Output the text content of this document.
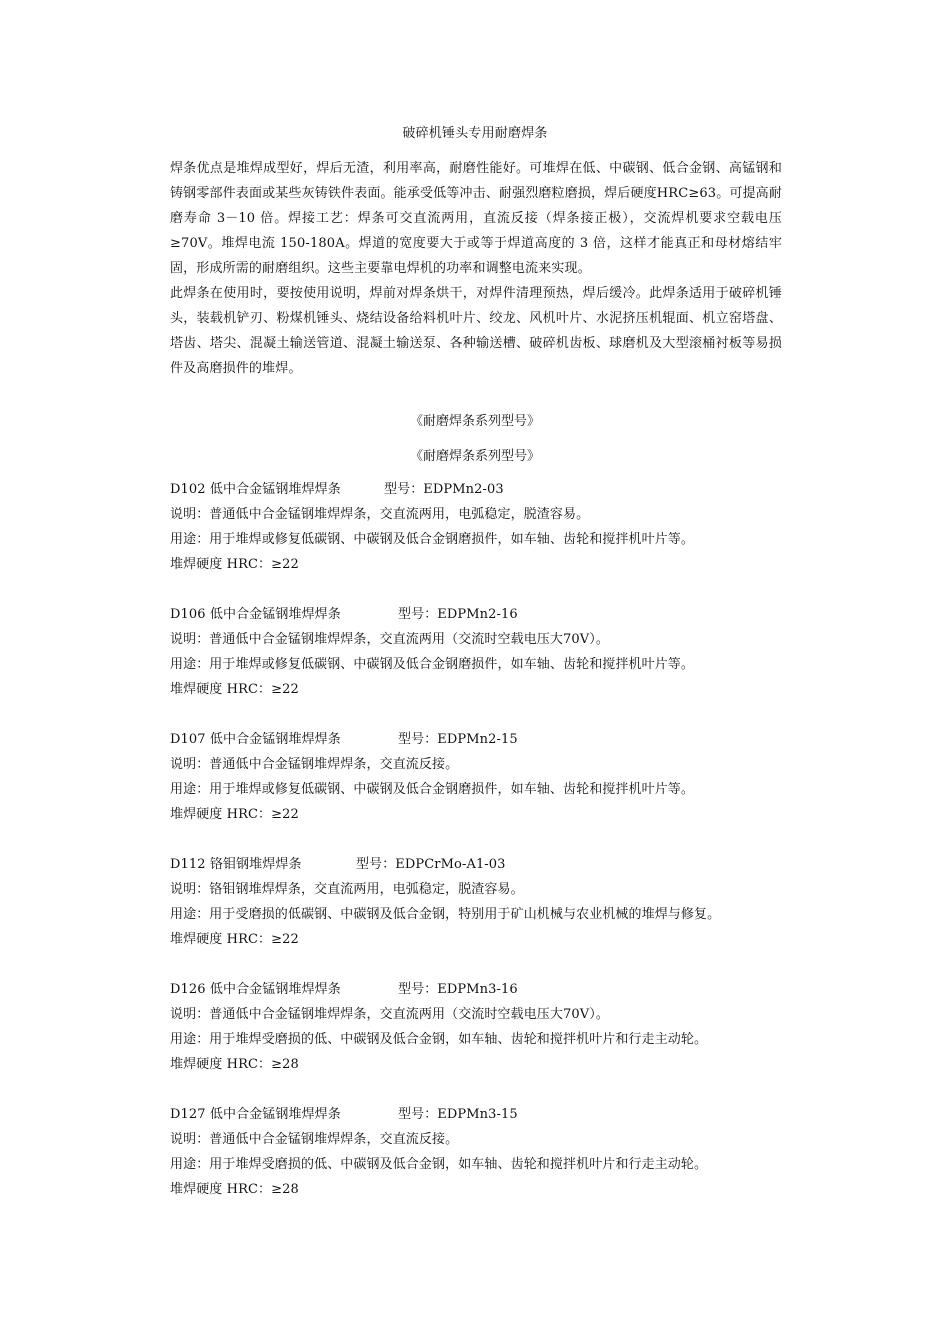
破碎机锤头专用耐磨焊条

焊条优点是堆焊成型好，焊后无渣，利用率高，耐磨性能好。可堆焊在低、中碳钢、低合金钢、高锰钢和铸钢零部件表面或某些灰铸铁件表面。能承受低等冲击、耐强烈磨粒磨损，焊后硬度HRC≥63。可提高耐磨寿命 3－10 倍。焊接工艺：焊条可交直流两用，直流反接（焊条接正极），交流焊机要求空载电压≥70V。堆焊电流 150-180A。焊道的宽度要大于或等于焊道高度的 3 倍，这样才能真正和母材熔结牢固，形成所需的耐磨组织。这些主要靠电焊机的功率和调整电流来实现。

此焊条在使用时，要按使用说明，焊前对焊条烘干，对焊件清理预热，焊后缓冷。此焊条适用于破碎机锤头，装载机铲刃、粉煤机锤头、烧结设备给料机叶片、绞龙、风机叶片、水泥挤压机辊面、机立窑塔盘、塔齿、塔尖、混凝土输送管道、混凝土输送泵、各种输送槽、破碎机齿板、球磨机及大型滚桶衬板等易损件及高磨损件的堆焊。

《耐磨焊条系列型号》
《耐磨焊条系列型号》
D102 低中合金锰钢堆焊焊条	型号：EDPMn2-03
说明：普通低中合金锰钢堆焊焊条，交直流两用，电弧稳定，脱渣容易。
用途：用于堆焊或修复低碳钢、中碳钢及低合金钢磨损件，如车轴、齿轮和搅拌机叶片等。
堆焊硬度 HRC：≥22
D106 低中合金锰钢堆焊焊条	型号：EDPMn2-16
说明：普通低中合金锰钢堆焊焊条，交直流两用（交流时空载电压大70V）。
用途：用于堆焊或修复低碳钢、中碳钢及低合金钢磨损件，如车轴、齿轮和搅拌机叶片等。
堆焊硬度 HRC：≥22
D107 低中合金锰钢堆焊焊条	型号：EDPMn2-15
说明：普通低中合金锰钢堆焊焊条，交直流反接。
用途：用于堆焊或修复低碳钢、中碳钢及低合金钢磨损件，如车轴、齿轮和搅拌机叶片等。
堆焊硬度 HRC：≥22
D112 铬钼钢堆焊焊条	型号：EDPCrMo-A1-03
说明：铬钼钢堆焊焊条，交直流两用，电弧稳定，脱渣容易。
用途：用于受磨损的低碳钢、中碳钢及低合金钢，特别用于矿山机械与农业机械的堆焊与修复。
堆焊硬度 HRC：≥22
D126 低中合金锰钢堆焊焊条	型号：EDPMn3-16
说明：普通低中合金锰钢堆焊焊条，交直流两用（交流时空载电压大70V）。
用途：用于堆焊受磨损的低、中碳钢及低合金钢，如车轴、齿轮和搅拌机叶片和行走主动轮。
堆焊硬度 HRC：≥28
D127 低中合金锰钢堆焊焊条	型号：EDPMn3-15
说明：普通低中合金锰钢堆焊焊条，交直流反接。
用途：用于堆焊受磨损的低、中碳钢及低合金钢，如车轴、齿轮和搅拌机叶片和行走主动轮。
堆焊硬度 HRC：≥28
